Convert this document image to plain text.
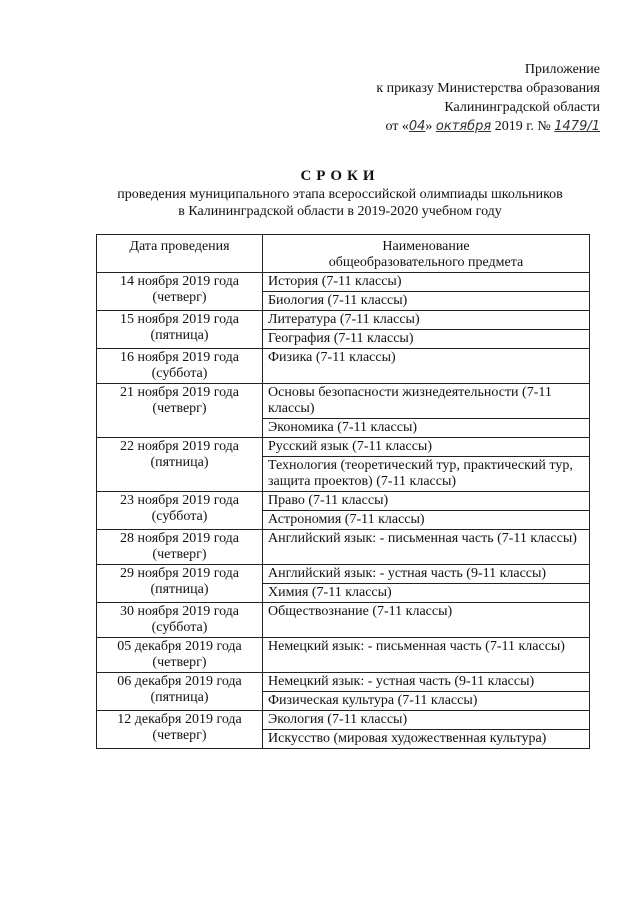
Приложение
к приказу Министерства образования
Калининградской области
от «04» октября 2019 г. № 1479/1
СРОКИ
проведения муниципального этапа всероссийской олимпиады школьников
в Калининградской области в 2019-2020 учебном году
Дата проведения	Наименование
общеобразовательного предмета

14 ноября 2019 года
(четверг)	История (7-11 классы)
	Биология (7-11 классы)

15 ноября 2019 года
(пятница)	Литература (7-11 классы)
	География (7-11 классы)

16 ноября 2019 года
(суббота)	Физика (7-11 классы)

21 ноября 2019 года
(четверг)	Основы безопасности жизнедеятельности (7-11 классы)
	Экономика (7-11 классы)

22 ноября 2019 года
(пятница)	Русский язык (7-11 классы)
	Технология (теоретический тур, практический тур, защита проектов) (7-11 классы)

23 ноября 2019 года
(суббота)	Право (7-11 классы)
	Астрономия (7-11 классы)

28 ноября 2019 года
(четверг)	Английский язык: - письменная часть (7-11 классы)

29 ноября 2019 года
(пятница)	Английский язык: - устная часть (9-11 классы)
	Химия (7-11 классы)

30 ноября 2019 года
(суббота)	Обществознание (7-11 классы)

05 декабря 2019 года
(четверг)	Немецкий язык: - письменная часть (7-11 классы)

06 декабря 2019 года
(пятница)	Немецкий язык: - устная часть (9-11 классы)
	Физическая культура (7-11 классы)

12 декабря 2019 года
(четверг)	Экология (7-11 классы)
	Искусство (мировая художественная культура)
